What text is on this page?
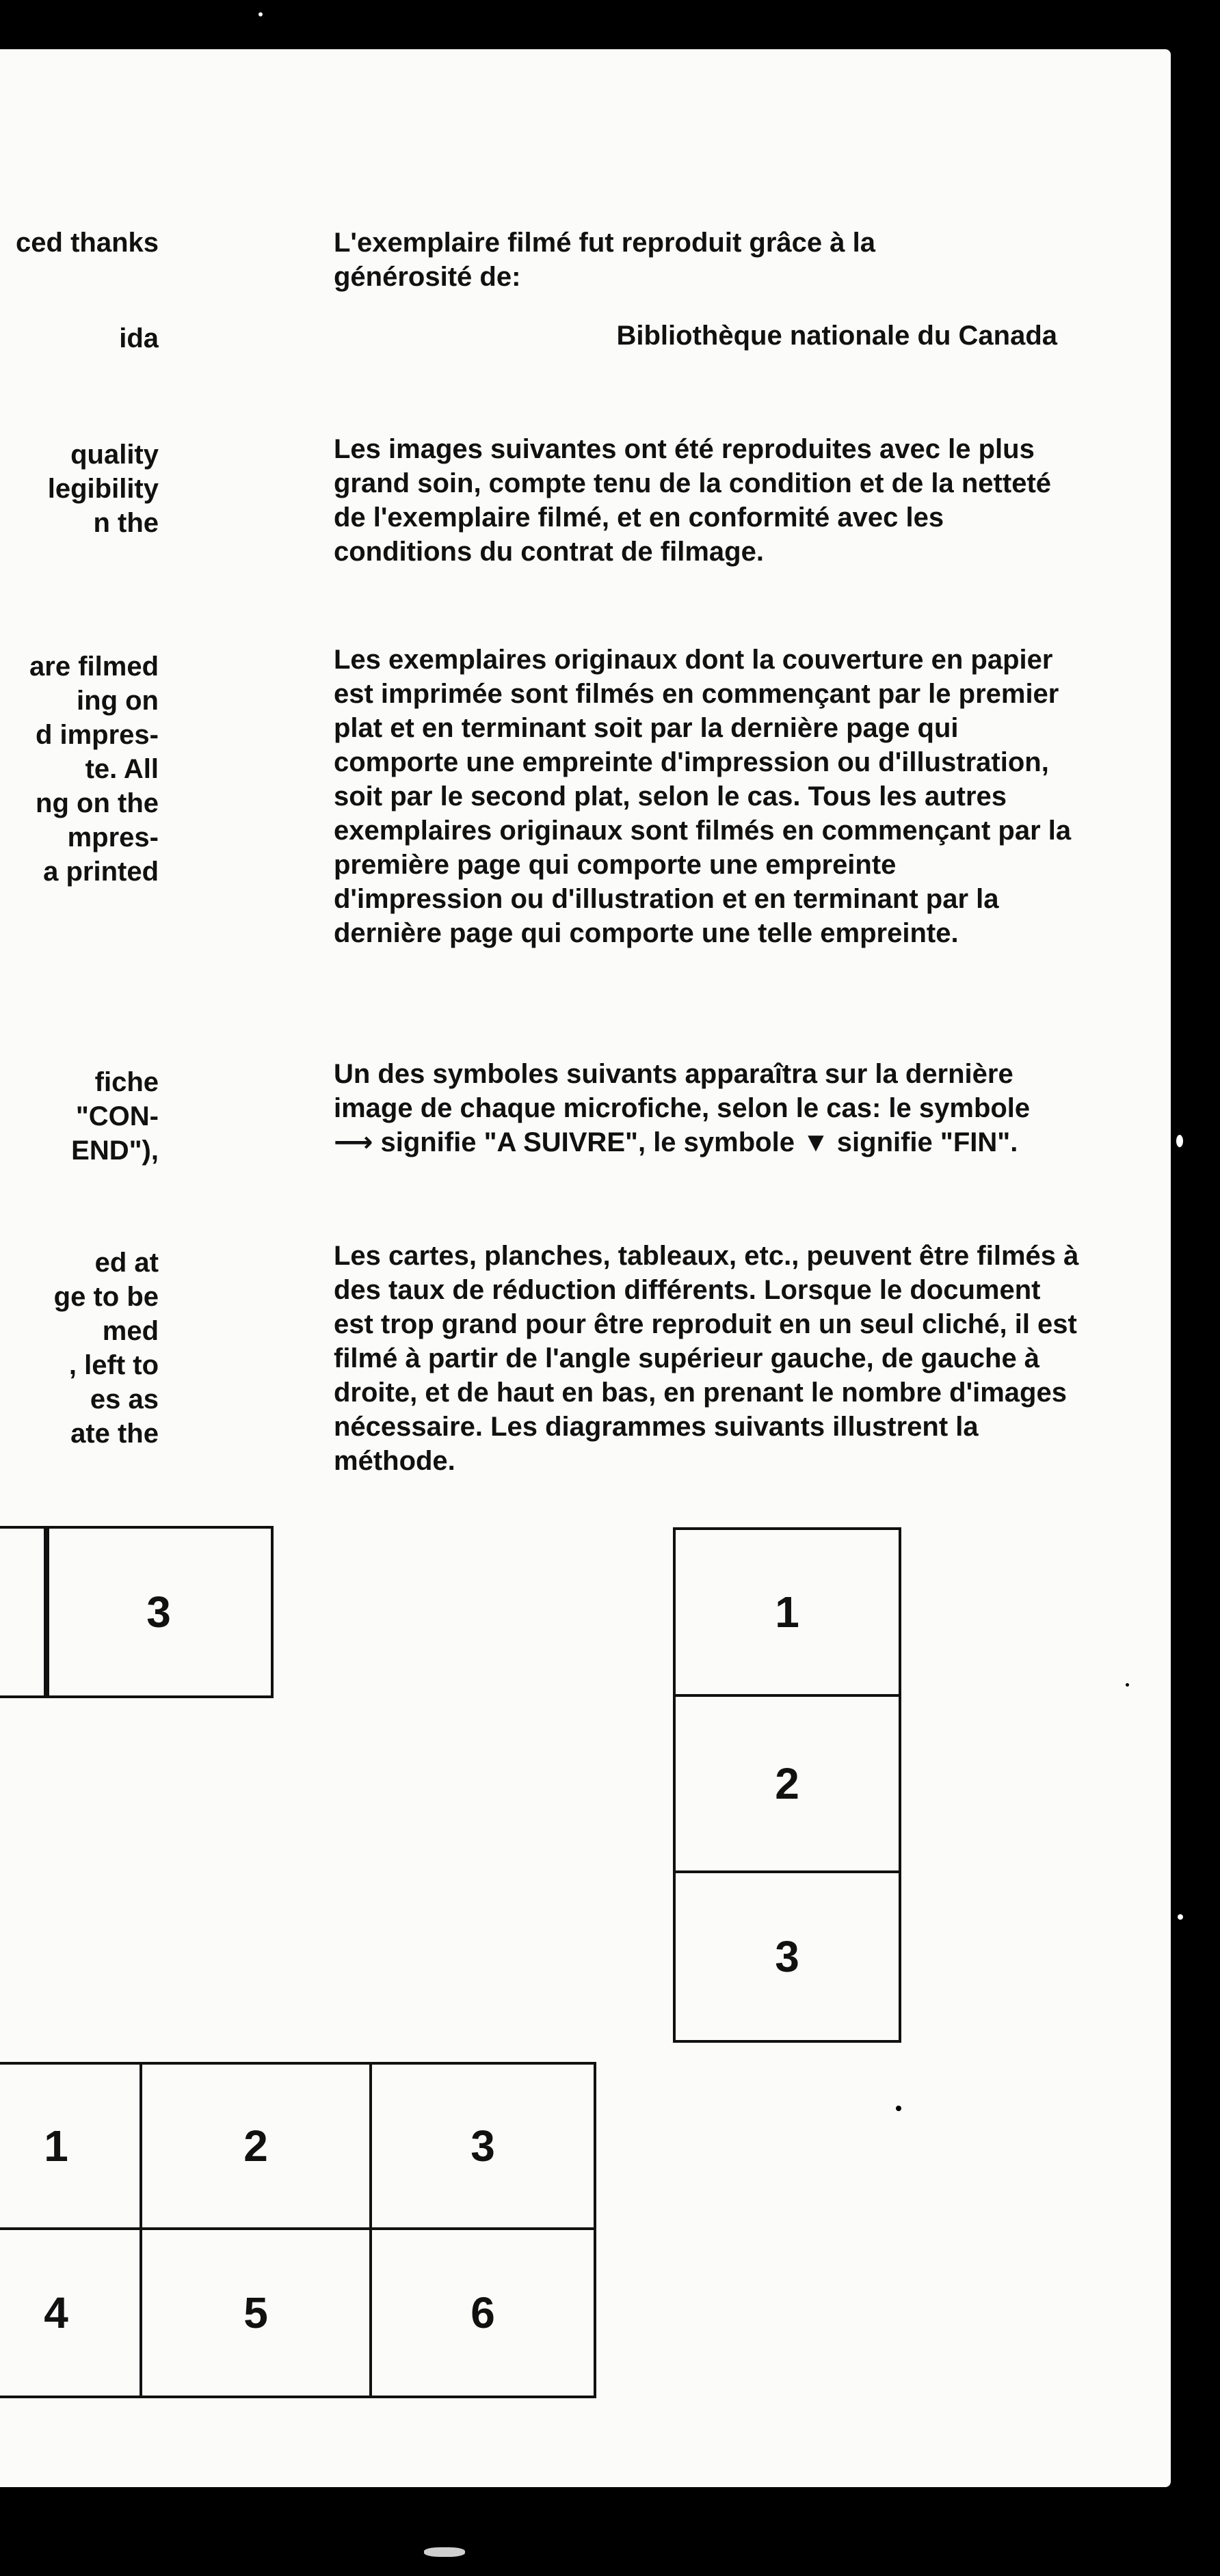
ced thanks
ida
quality
legibility
n the
are filmed
ing on
d impres-
te. All
ng on the
mpres-
a printed
fiche
"CON-
END"),
ed at
ge to be
med
, left to
es as
ate the

L'exemplaire filmé fut reproduit grâce à la générosité de:

Bibliothèque nationale du Canada

Les images suivantes ont été reproduites avec le plus grand soin, compte tenu de la condition et de la netteté de l'exemplaire filmé, et en conformité avec les conditions du contrat de filmage.

Les exemplaires originaux dont la couverture en papier est imprimée sont filmés en commençant par le premier plat et en terminant soit par la dernière page qui comporte une empreinte d'impression ou d'illustration, soit par le second plat, selon le cas. Tous les autres exemplaires originaux sont filmés en commençant par la première page qui comporte une empreinte d'impression ou d'illustration et en terminant par la dernière page qui comporte une telle empreinte.

Un des symboles suivants apparaîtra sur la dernière image de chaque microfiche, selon le cas: le symbole ⟶ signifie "A SUIVRE", le symbole ▼ signifie "FIN".

Les cartes, planches, tableaux, etc., peuvent être filmés à des taux de réduction différents. Lorsque le document est trop grand pour être reproduit en un seul cliché, il est filmé à partir de l'angle supérieur gauche, de gauche à droite, et de haut en bas, en prenant le nombre d'images nécessaire. Les diagrammes suivants illustrent la méthode.

3	1
2
3
1	2	3
4	5	6
